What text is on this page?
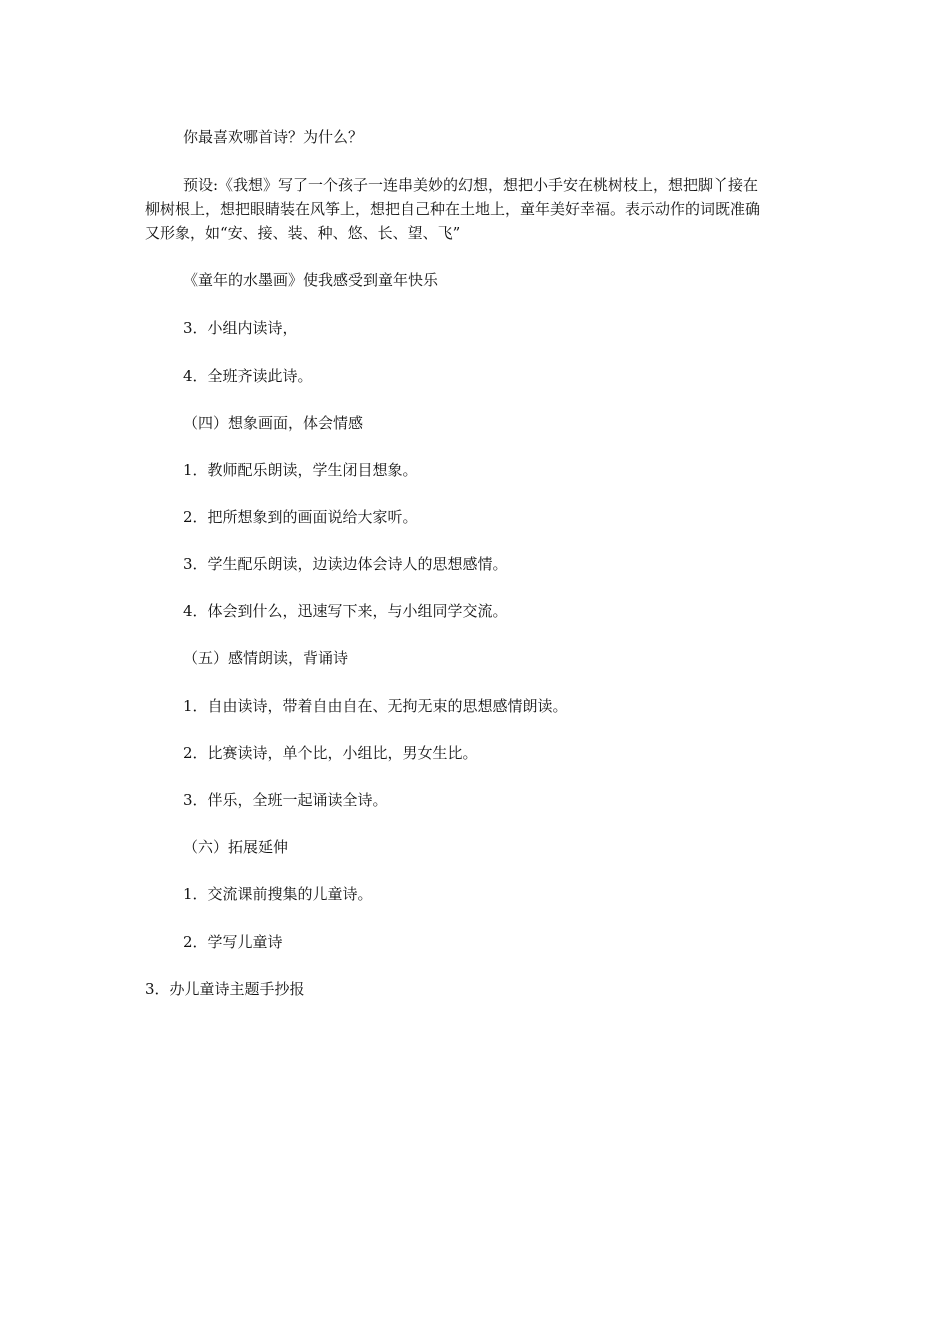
你最喜欢哪首诗？为什么？
预设:《我想》写了一个孩子一连串美妙的幻想，想把小手安在桃树枝上，想把脚丫接在
柳树根上，想把眼睛装在风筝上，想把自己种在土地上，童年美好幸福。表示动作的词既准确
又形象，如“安、接、装、种、悠、长、望、飞”
《童年的水墨画》使我感受到童年快乐
3．小组内读诗，
4．全班齐读此诗。
（四）想象画面，体会情感
1．教师配乐朗读，学生闭目想象。
2．把所想象到的画面说给大家听。
3．学生配乐朗读，边读边体会诗人的思想感情。
4．体会到什么，迅速写下来，与小组同学交流。
（五）感情朗读，背诵诗
1．自由读诗，带着自由自在、无拘无束的思想感情朗读。
2．比赛读诗，单个比，小组比，男女生比。
3．伴乐，全班一起诵读全诗。
（六）拓展延伸
1．交流课前搜集的儿童诗。
2．学写儿童诗
3．办儿童诗主题手抄报
